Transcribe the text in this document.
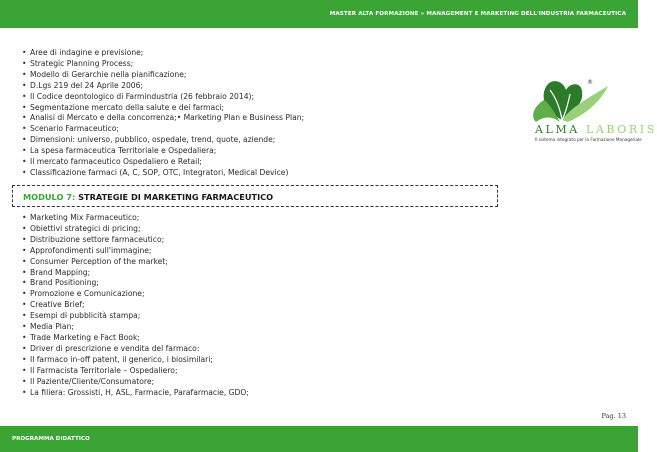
MASTER ALTA FORMAZIONE » MANAGEMENT E MARKETING DELL'INDUSTRIA FARMACEUTICA
• Aree di indagine e previsione;
• Strategic Planning Process;
• Modello di Gerarchie nella pianificazione;
• D.Lgs 219 del 24 Aprile 2006;
• Il Codice deontologico di Farmindustria (26 febbraio 2014);
• Segmentazione mercato della salute e dei farmaci;
• Analisi di Mercato e della concorrenza;• Marketing Plan e Business Plan;
• Scenario Farmaceutico;
• Dimensioni: universo, pubblico, ospedale, trend, quote, aziende;
• La spesa farmaceutica Territoriale e Ospedaliera;
• Il mercato farmaceutico Ospedaliero e Retail;
• Classificazione farmaci (A, C, SOP, OTC, Integratori, Medical Device)
MODULO 7: STRATEGIE DI MARKETING FARMACEUTICO
• Marketing Mix Farmaceutico;
• Obiettivi strategici di pricing;
• Distribuzione settore farmaceutico;
• Approfondimenti sull'immagine;
• Consumer Perception of the market;
• Brand Mapping;
• Brand Positioning;
• Promozione e Comunicazione;
• Creative Brief;
• Esempi di pubblicità stampa;
• Media Plan;
• Trade Marketing e Fact Book;
• Driver di prescrizione e vendita del farmaco:
• Il farmaco in-off patent, il generico, i biosimilari;
• Il Farmacista Territoriale – Ospedaliero;
• Il Paziente/Cliente/Consumatore;
• La filiera: Grossisti, H, ASL, Farmacie, Parafarmacie, GDO;
®
ALMA LABORIS
Il sistema integrato per la Formazione Manageriale
Pag. 13
PROGRAMMA DIDATTICO
